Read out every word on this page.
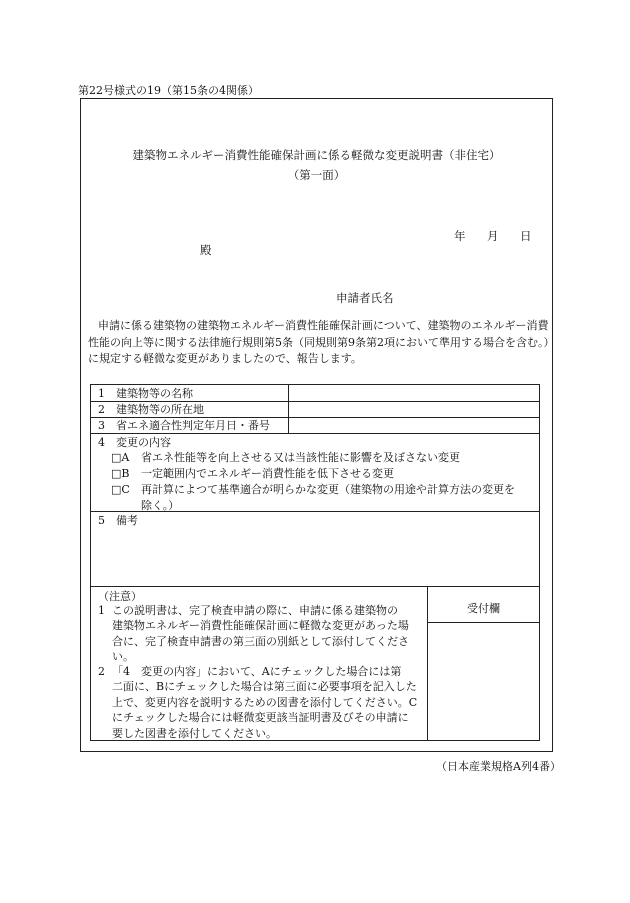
第22号様式の19（第15条の4関係）
建築物エネルギー消費性能確保計画に係る軽微な変更説明書（非住宅）
（第一面）
年 月 日
殿
申請者氏名
申請に係る建築物の建築物エネルギー消費性能確保計画について、建築物のエネルギー消費性能の向上等に関する法律施行規則第5条（同規則第9条第2項において準用する場合を含む。）に規定する軽微な変更がありましたので、報告します。
1　建築物等の名称
2　建築物等の所在地
3　省エネ適合性判定年月日・番号
4 変更の内容
□A 省エネ性能等を向上させる又は当該性能に影響を及ぼさない変更
□B 一定範囲内でエネルギー消費性能を低下させる変更
□C 再計算によつて基準適合が明らかな変更（建築物の用途や計算方法の変更を
除く。）
5 備考
（注意）
1 この説明書は、完了検査申請の際に、申請に係る建築物の
建築物エネルギー消費性能確保計画に軽微な変更があった場
合に、完了検査申請書の第三面の別紙として添付してくださ
い。
2 「4　変更の内容」において、Aにチェックした場合には第
二面に、Bにチェックした場合は第三面に必要事項を記入した
上で、変更内容を説明するための図書を添付してください。C
にチェックした場合には軽微変更該当証明書及びその申請に
要した図書を添付してください。
受付欄
（日本産業規格A列4番）
